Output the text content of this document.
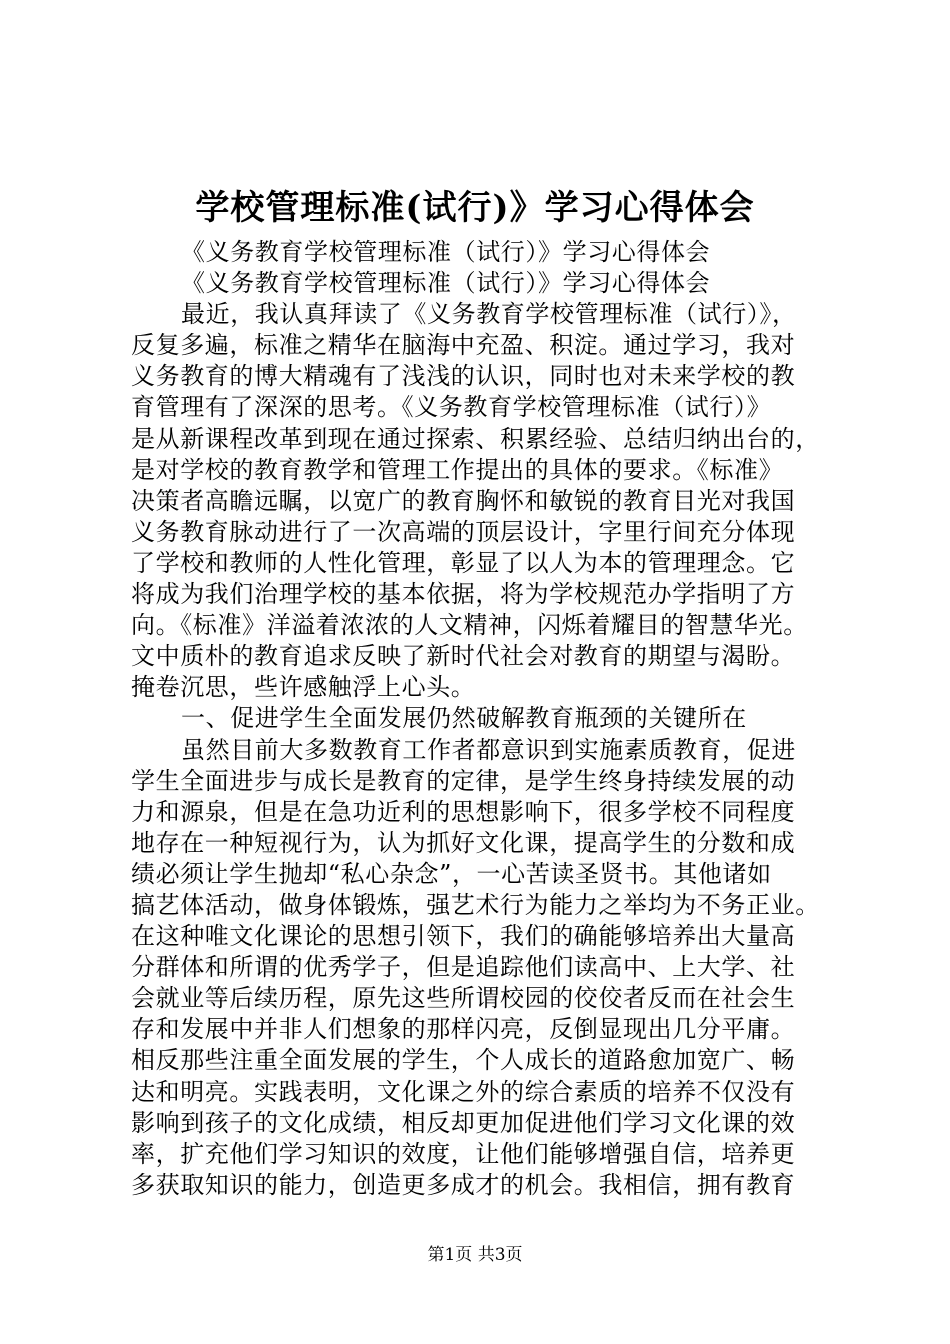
学校管理标准(试行)》学习心得体会
《义务教育学校管理标准（试行）》学习心得体会
《义务教育学校管理标准（试行）》学习心得体会
最近，我认真拜读了《义务教育学校管理标准（试行）》，
反复多遍，标准之精华在脑海中充盈、积淀。通过学习，我对
义务教育的博大精魂有了浅浅的认识，同时也对未来学校的教
育管理有了深深的思考。《义务教育学校管理标准（试行）》
是从新课程改革到现在通过探索、积累经验、总结归纳出台的，
是对学校的教育教学和管理工作提出的具体的要求。《标准》
决策者高瞻远瞩，以宽广的教育胸怀和敏锐的教育目光对我国
义务教育脉动进行了一次高端的顶层设计，字里行间充分体现
了学校和教师的人性化管理，彰显了以人为本的管理理念。它
将成为我们治理学校的基本依据，将为学校规范办学指明了方
向。《标准》洋溢着浓浓的人文精神，闪烁着耀目的智慧华光。
文中质朴的教育追求反映了新时代社会对教育的期望与渴盼。
掩卷沉思，些许感触浮上心头。
一、促进学生全面发展仍然破解教育瓶颈的关键所在
虽然目前大多数教育工作者都意识到实施素质教育，促进
学生全面进步与成长是教育的定律，是学生终身持续发展的动
力和源泉，但是在急功近利的思想影响下，很多学校不同程度
地存在一种短视行为，认为抓好文化课，提高学生的分数和成
绩必须让学生抛却“私心杂念”，一心苦读圣贤书。其他诸如
搞艺体活动，做身体锻炼，强艺术行为能力之举均为不务正业。
在这种唯文化课论的思想引领下，我们的确能够培养出大量高
分群体和所谓的优秀学子，但是追踪他们读高中、上大学、社
会就业等后续历程，原先这些所谓校园的佼佼者反而在社会生
存和发展中并非人们想象的那样闪亮，反倒显现出几分平庸。
相反那些注重全面发展的学生，个人成长的道路愈加宽广、畅
达和明亮。实践表明，文化课之外的综合素质的培养不仅没有
影响到孩子的文化成绩，相反却更加促进他们学习文化课的效
率，扩充他们学习知识的效度，让他们能够增强自信，培养更
多获取知识的能力，创造更多成才的机会。我相信，拥有教育
第1页 共3页
